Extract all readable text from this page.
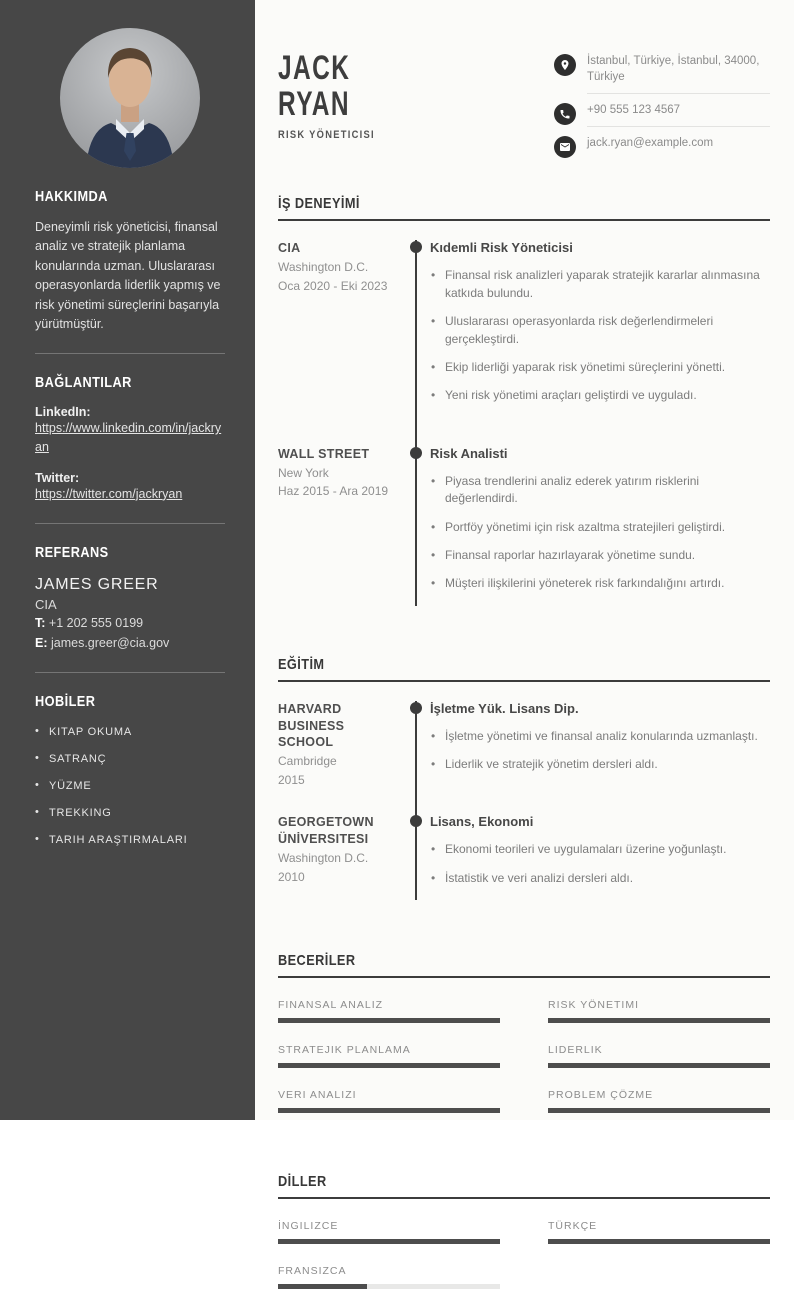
HAKKIMDA

Deneyimli risk yöneticisi, finansal analiz ve stratejik planlama konularında uzman. Uluslararası operasyonlarda liderlik yapmış ve risk yönetimi süreçlerini başarıyla yürütmüştür.

BAĞLANTILAR
LinkedIn:
https://www.linkedin.com/in/jackryan
Twitter:
https://twitter.com/jackryan
REFERANS
JAMES GREER
CIA
T: +1 202 555 0199
E: james.greer@cia.gov
HOBİLER
• KITAP OKUMA
• SATRANÇ
• YÜZME
• TREKKING
• TARIH ARAŞTIRMALARI
JACK
RYAN
RISK YÖNETICISI
İstanbul, Türkiye, İstanbul, 34000, Türkiye
+90 555 123 4567
jack.ryan@example.com
İŞ DENEYİMİ
CIA
Washington D.C.
Oca 2020 - Eki 2023
Kıdemli Risk Yöneticisi
• Finansal risk analizleri yaparak stratejik kararlar alınmasına katkıda bulundu.
• Uluslararası operasyonlarda risk değerlendirmeleri gerçekleştirdi.
• Ekip liderliği yaparak risk yönetimi süreçlerini yönetti.
• Yeni risk yönetimi araçları geliştirdi ve uyguladı.
WALL STREET
New York
Haz 2015 - Ara 2019
Risk Analisti
• Piyasa trendlerini analiz ederek yatırım risklerini değerlendirdi.
• Portföy yönetimi için risk azaltma stratejileri geliştirdi.
• Finansal raporlar hazırlayarak yönetime sundu.
• Müşteri ilişkilerini yöneterek risk farkındalığını artırdı.
EĞİTİM
HARVARD BUSINESS SCHOOL
Cambridge
2015
İşletme Yük. Lisans Dip.
• İşletme yönetimi ve finansal analiz konularında uzmanlaştı.
• Liderlik ve stratejik yönetim dersleri aldı.
GEORGETOWN ÜNİVERSITESI
Washington D.C.
2010
Lisans, Ekonomi
• Ekonomi teorileri ve uygulamaları üzerine yoğunlaştı.
• İstatistik ve veri analizi dersleri aldı.
BECERİLER
FINANSAL ANALIZ	RISK YÖNETIMI
STRATEJIK PLANLAMA	LIDERLIK
VERI ANALIZI	PROBLEM ÇÖZME
DİLLER
İNGILIZCE	TÜRKÇE
FRANSIZCA
